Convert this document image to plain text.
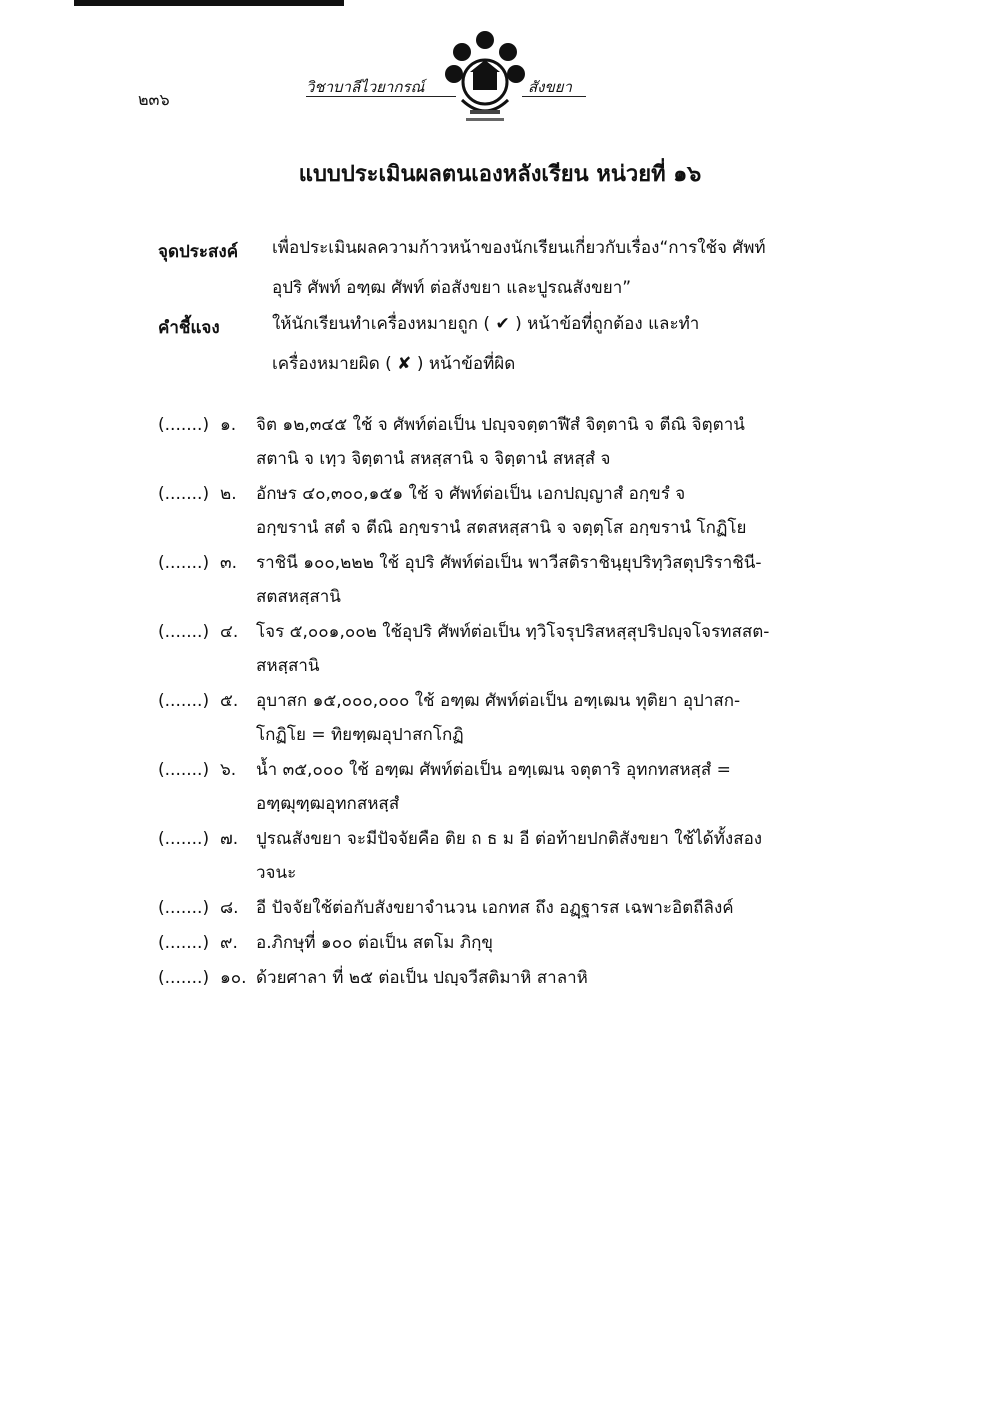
๒๓๖
วิชาบาลีไวยากรณ์	สังขยา
แบบประเมินผลตนเองหลังเรียน หน่วยที่ ๑๖
จุดประสงค์ เพื่อประเมินผลความก้าวหน้าของนักเรียนเกี่ยวกับเรื่อง“การใช้จ ศัพท์
อุปริ ศัพท์ อฑฺฒ ศัพท์ ต่อสังขยา และปูรณสังขยา”
คำชี้แจง	ให้นักเรียนทำเครื่องหมายถูก ( ✔ ) หน้าข้อที่ถูกต้อง และทำ
เครื่องหมายผิด ( ✘ ) หน้าข้อที่ผิด
(.......) ๑.	จิต ๑๒,๓๔๕ ใช้ จ ศัพท์ต่อเป็น ปญฺจจตฺตาฬีสํ จิตฺตานิ จ ตีณิ จิตฺตานํ
สตานิ จ เทฺว จิตฺตานํ สหสฺสานิ จ จิตฺตานํ สหสฺสํ จ
(.......) ๒.	อักษร ๔๐,๓๐๐,๑๕๑ ใช้ จ ศัพท์ต่อเป็น เอกปญฺญาสํ อกฺขรํ จ
อกฺขรานํ สตํ จ ตีณิ อกฺขรานํ สตสหสฺสานิ จ จตฺตฺโส อกฺขรานํ โกฏิโย
(.......) ๓.	ราชินี ๑๐๐,๒๒๒ ใช้ อุปริ ศัพท์ต่อเป็น พาวีสติราชินฺยุปริทฺวิสตุปริราชินี-
สตสหสฺสานิ
(.......) ๔.	โจร ๕,๐๐๑,๐๐๒ ใช้อุปริ ศัพท์ต่อเป็น ทฺวิโจรุปริสหสฺสุปริปญฺจโจรทสสต-
สหสฺสานิ
(.......) ๕.	อุบาสก ๑๕,๐๐๐,๐๐๐ ใช้ อฑฺฒ ศัพท์ต่อเป็น อฑฺเฒน ทุติยา อุปาสก-
โกฏิโย = ทิยฑฺฒอุปาสกโกฏิ
(.......) ๖.	น้ำ ๓๕,๐๐๐ ใช้ อฑฺฒ ศัพท์ต่อเป็น อฑฺเฒน จตุตาริ อุทกทสหสฺสํ =
อฑฺฒุฑฺฒอุทกสหสฺสํ
(.......) ๗.	ปูรณสังขยา จะมีปัจจัยคือ ติย ถ ธ ม อี ต่อท้ายปกติสังขยา ใช้ได้ทั้งสอง
วจนะ
(.......) ๘.	อี ปัจจัยใช้ต่อกับสังขยาจำนวน เอกทส ถึง อฏฺฐารส เฉพาะอิตถีลิงค์
(.......) ๙.	อ.ภิกษุที่ ๑๐๐ ต่อเป็น สตโม ภิกฺขุ
(.......) ๑๐. ด้วยศาลา ที่ ๒๕ ต่อเป็น ปญฺจวีสติมาหิ สาลาหิ
